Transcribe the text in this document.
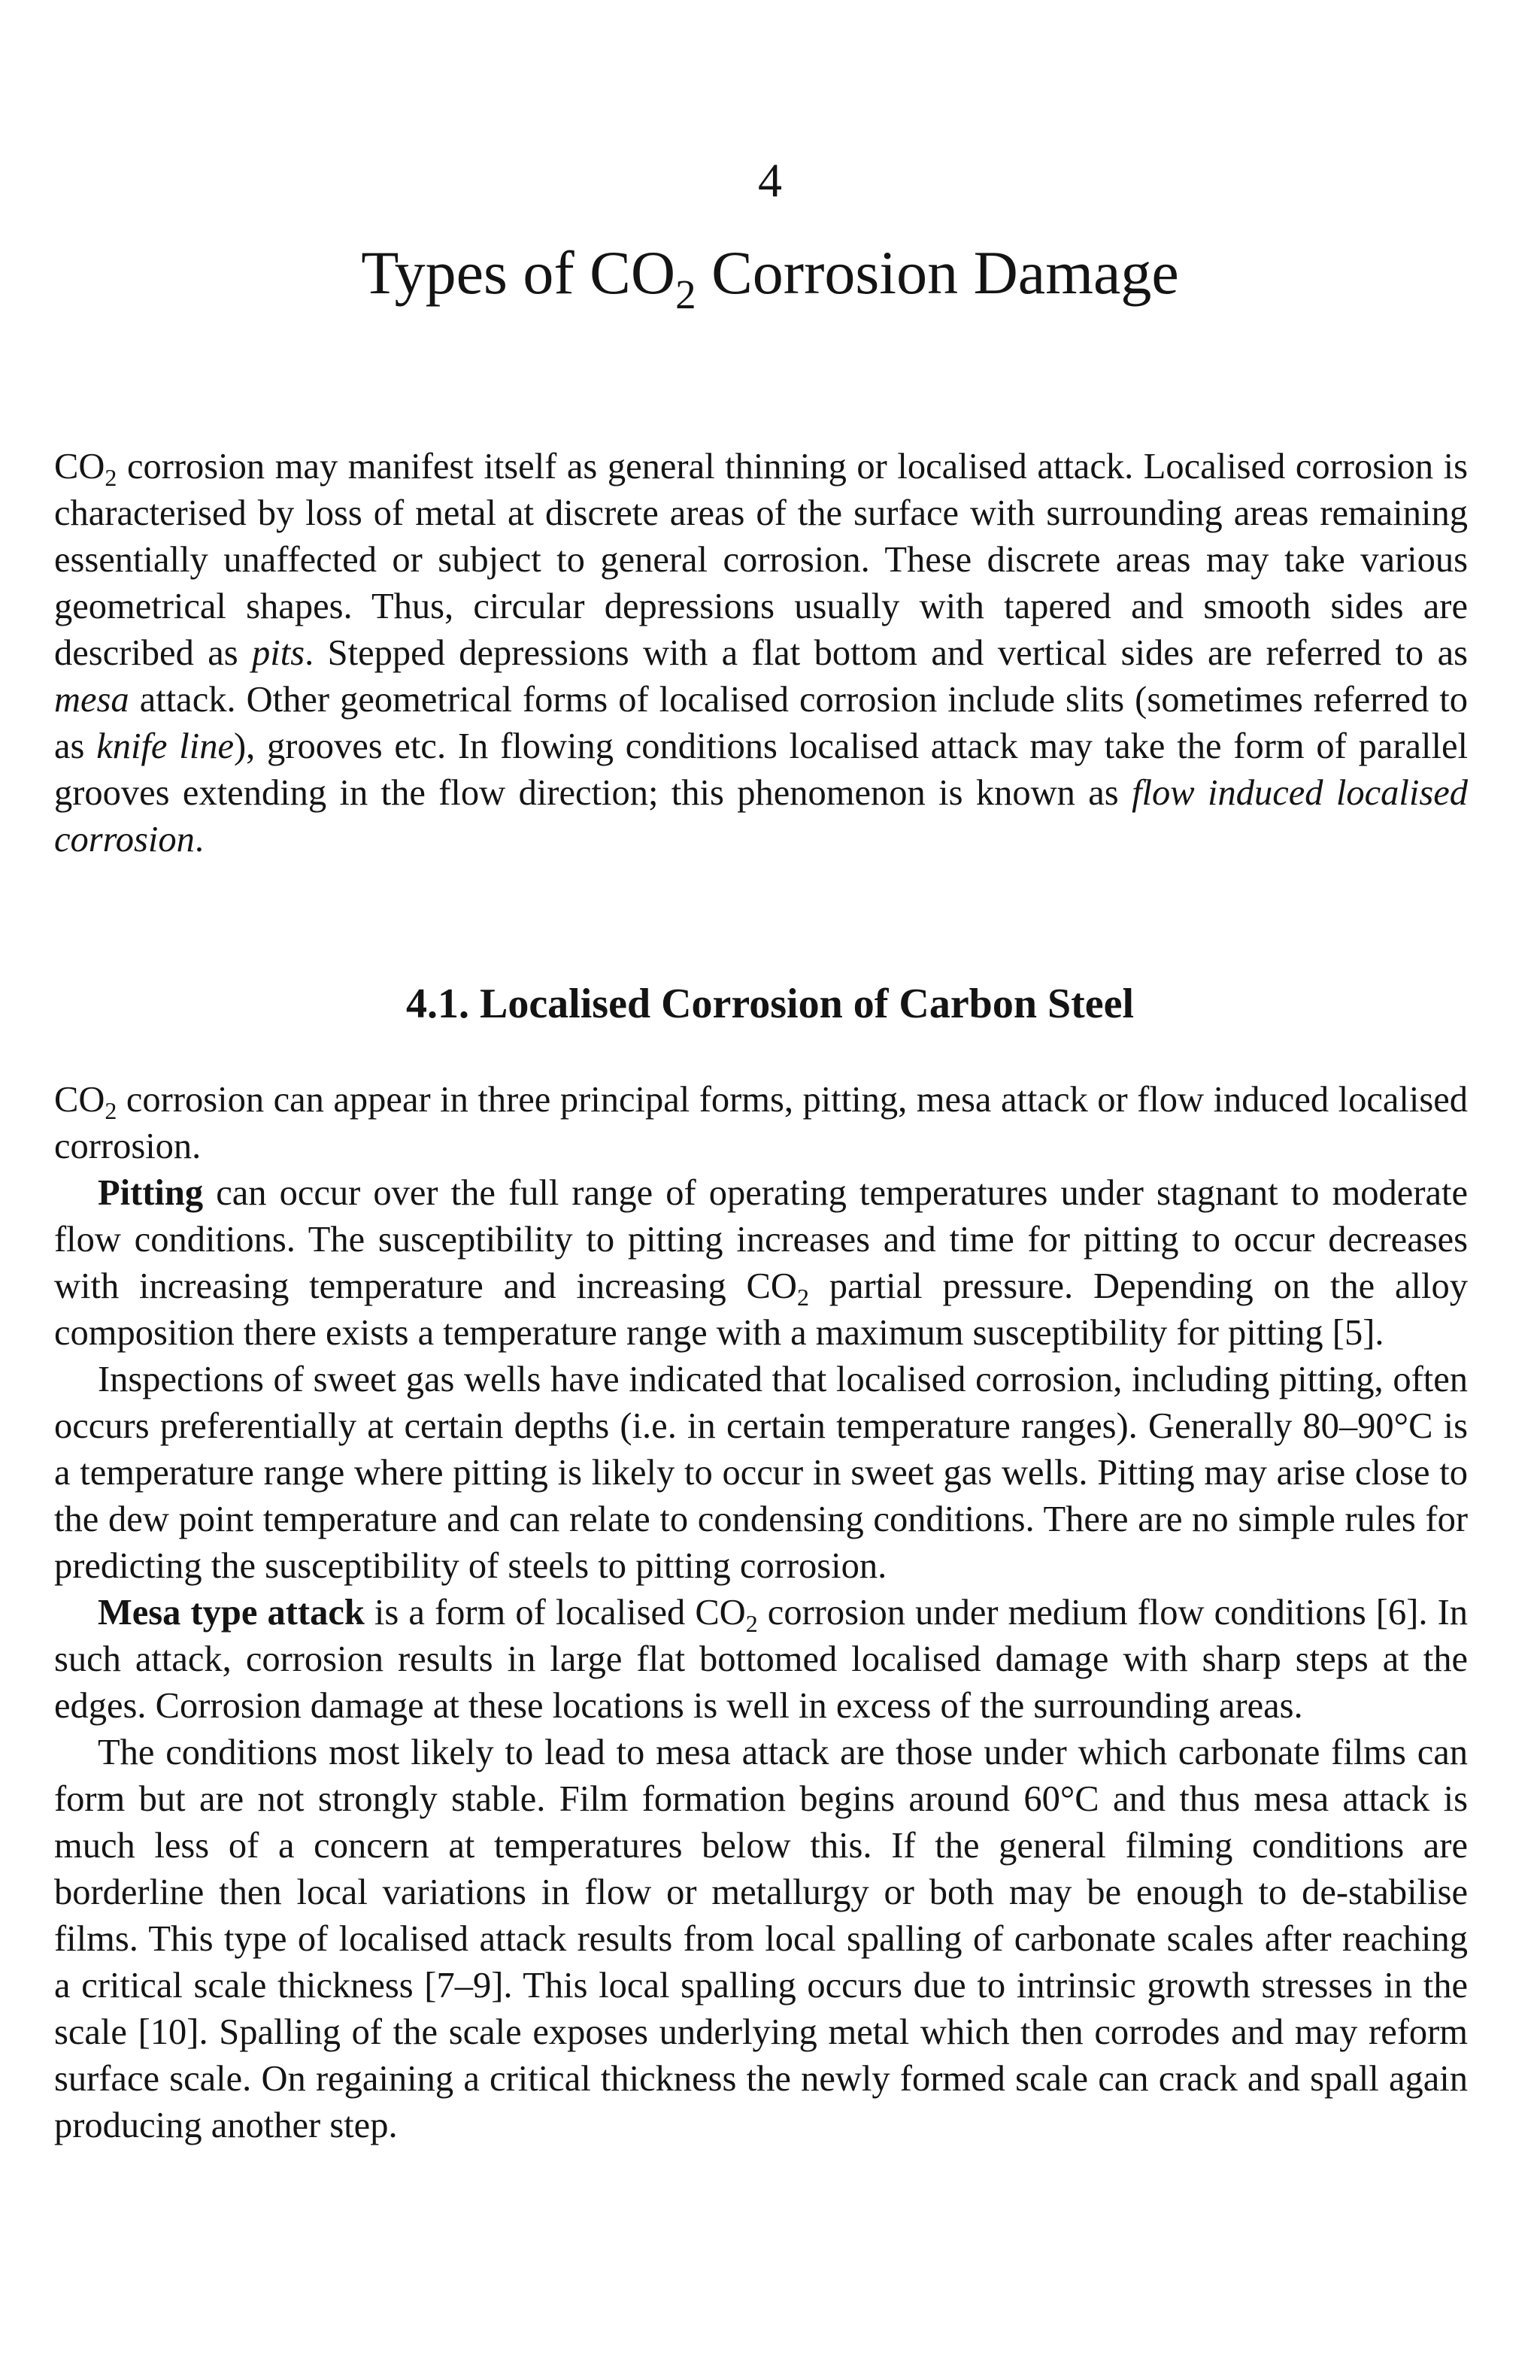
4
Types of $CO_2$ Corrosion Damage

$CO_2$ corrosion may manifest itself as general thinning or localised attack. Localised corrosion is characterised by loss of metal at discrete areas of the surface with surrounding areas remaining essentially unaffected or subject to general corrosion. These discrete areas may take various geometrical shapes. Thus, circular depressions usually with tapered and smooth sides are described as pits. Stepped depressions with a flat bottom and vertical sides are referred to as mesa attack. Other geometrical forms of localised corrosion include slits (sometimes referred to as knife line), grooves etc. In flowing conditions localised attack may take the form of parallel grooves extending in the flow direction; this phenomenon is known as flow induced localised corrosion.

4.1. Localised Corrosion of Carbon Steel

$CO_2$ corrosion can appear in three principal forms, pitting, mesa attack or flow induced localised corrosion.

Pitting can occur over the full range of operating temperatures under stagnant to moderate flow conditions. The susceptibility to pitting increases and time for pitting to occur decreases with increasing temperature and increasing $CO_2$ partial pressure. Depending on the alloy composition there exists a temperature range with a maximum susceptibility for pitting [5].

Inspections of sweet gas wells have indicated that localised corrosion, including pitting, often occurs preferentially at certain depths (i.e. in certain temperature ranges). Generally 80–90°C is a temperature range where pitting is likely to occur in sweet gas wells. Pitting may arise close to the dew point temperature and can relate to condensing conditions. There are no simple rules for predicting the susceptibility of steels to pitting corrosion.

Mesa type attack is a form of localised $CO_2$ corrosion under medium flow conditions [6]. In such attack, corrosion results in large flat bottomed localised damage with sharp steps at the edges. Corrosion damage at these locations is well in excess of the surrounding areas.

The conditions most likely to lead to mesa attack are those under which carbonate films can form but are not strongly stable. Film formation begins around 60°C and thus mesa attack is much less of a concern at temperatures below this. If the general filming conditions are borderline then local variations in flow or metallurgy or both may be enough to de-stabilise films. This type of localised attack results from local spalling of carbonate scales after reaching a critical scale thickness [7–9]. This local spalling occurs due to intrinsic growth stresses in the scale [10]. Spalling of the scale exposes underlying metal which then corrodes and may reform surface scale. On regaining a critical thickness the newly formed scale can crack and spall again producing another step.
